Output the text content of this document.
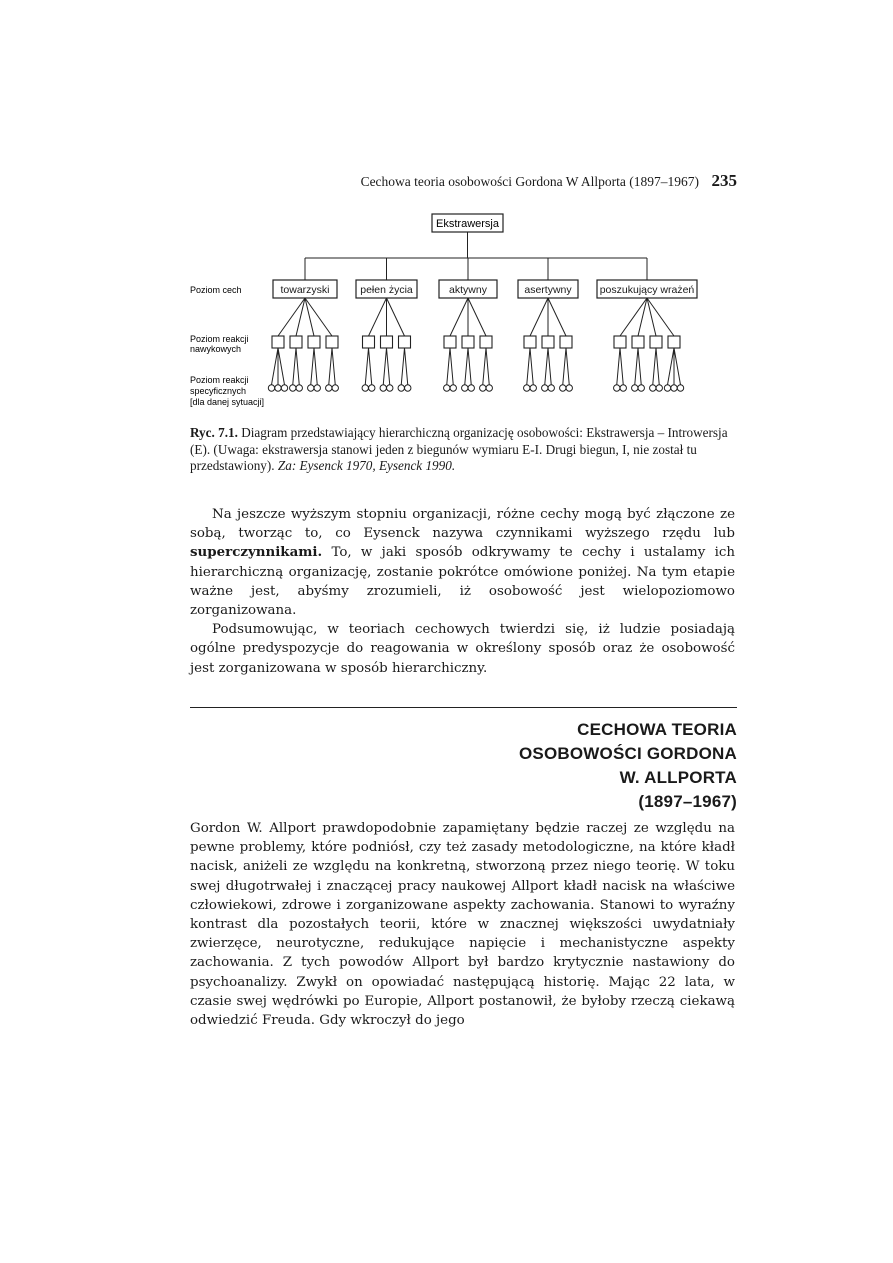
Cechowa teoria osobowości Gordona W Allporta (1897–1967) 235
Ekstrawersja
towarzyski	pełen życia	aktywny	asertywny	poszukujący wrażeń
Poziom cech
Poziom reakcji
nawykowych
Poziom reakcji
specyficznych
[dla danej sytuacji]
Ryc. 7.1. Diagram przedstawiający hierarchiczną organizację osobowości: Ekstrawersja – Introwersja (E). (Uwaga: ekstrawersja stanowi jeden z biegunów wymiaru E-I. Drugi biegun, I, nie został tu przedstawiony). Za: Eysenck 1970, Eysenck 1990.

Na jeszcze wyższym stopniu organizacji, różne cechy mogą być złączone ze sobą, tworząc to, co Eysenck nazywa czynnikami wyższego rzędu lub superczynnikami. To, w jaki sposób odkrywamy te cechy i ustalamy ich hierarchiczną organizację, zostanie pokrótce omówione poniżej. Na tym etapie ważne jest, abyśmy zrozumieli, iż osobowość jest wielopoziomowo zorganizowana.

Podsumowując, w teoriach cechowych twierdzi się, iż ludzie posiadają ogólne predyspozycje do reagowania w określony sposób oraz że osobowość jest zorganizowana w sposób hierarchiczny.

CECHOWA TEORIA
OSOBOWOŚCI GORDONA
W. ALLPORTA
(1897–1967)

Gordon W. Allport prawdopodobnie zapamiętany będzie raczej ze względu na pewne problemy, które podniósł, czy też zasady metodologiczne, na które kładł nacisk, aniżeli ze względu na konkretną, stworzoną przez niego teorię. W toku swej długotrwałej i znaczącej pracy naukowej Allport kładł nacisk na właściwe człowiekowi, zdrowe i zorganizowane aspekty zachowania. Stanowi to wyraźny kontrast dla pozostałych teorii, które w znacznej większości uwydatniały zwierzęce, neurotyczne, redukujące napięcie i mechanistyczne aspekty zachowania. Z tych powodów Allport był bardzo krytycznie nastawiony do psychoanalizy. Zwykł on opowiadać następującą historię. Mając 22 lata, w czasie swej wędrówki po Europie, Allport postanowił, że byłoby rzeczą ciekawą odwiedzić Freuda. Gdy wkroczył do jego
